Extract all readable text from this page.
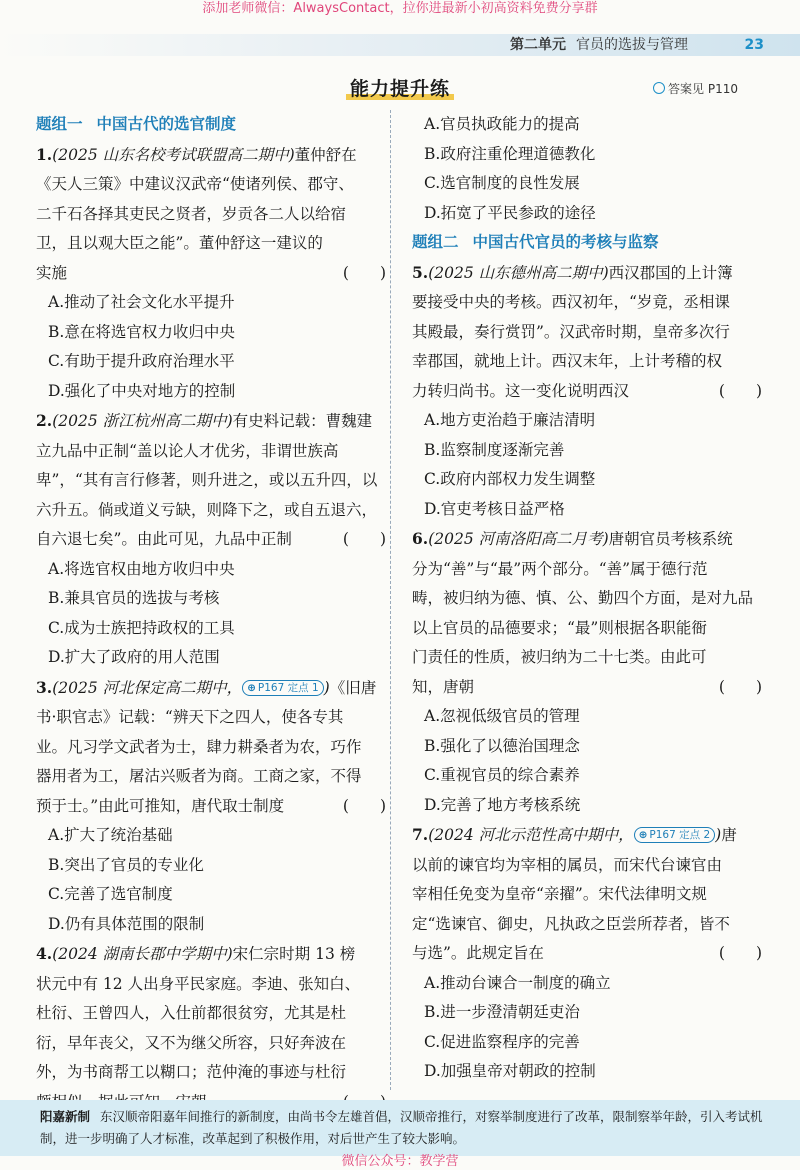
添加老师微信：AlwaysContact，拉你进最新小初高资料免费分享群
第二单元 官员的选拔与管理	23
能力提升练	答案见 P110
题组一 中国古代的选官制度
1.(2025 山东名校考试联盟高二期中)董仲舒在
《天人三策》中建议汉武帝“使诸列侯、郡守、
二千石各择其吏民之贤者，岁贡各二人以给宿
卫，且以观大臣之能”。董仲舒这一建议的
实施	(　　)
A.推动了社会文化水平提升
B.意在将选官权力收归中央
C.有助于提升政府治理水平
D.强化了中央对地方的控制
2.(2025 浙江杭州高二期中)有史料记载：曹魏建
立九品中正制“盖以论人才优劣，非谓世族高
卑”，“其有言行修著，则升进之，或以五升四，以
六升五。倘或道义亏缺，则降下之，或自五退六，
自六退七矣”。由此可见，九品中正制	(　　)
A.将选官权由地方收归中央
B.兼具官员的选拔与考核
C.成为士族把持政权的工具
D.扩大了政府的用人范围
3.(2025 河北保定高二期中， ⊕ P167 定点 1 )《旧唐
书·职官志》记载：“辨天下之四人，使各专其
业。凡习学文武者为士，肆力耕桑者为农，巧作
器用者为工，屠沽兴贩者为商。工商之家，不得
预于士。”由此可推知，唐代取士制度	(　　)
A.扩大了统治基础
B.突出了官员的专业化
C.完善了选官制度
D.仍有具体范围的限制
4.(2024 湖南长郡中学期中)宋仁宗时期 13 榜
状元中有 12 人出身平民家庭。李迪、张知白、
杜衍、王曾四人，入仕前都很贫穷，尤其是杜
衍，早年丧父，又不为继父所容，只好奔波在
外，为书商帮工以糊口；范仲淹的事迹与杜衍
A.官员执政能力的提高
B.政府注重伦理道德教化
C.选官制度的良性发展
D.拓宽了平民参政的途径
题组二 中国古代官员的考核与监察
5.(2025 山东德州高二期中)西汉郡国的上计簿
要接受中央的考核。西汉初年，“岁竟，丞相课
其殿最，奏行赏罚”。汉武帝时期，皇帝多次行
幸郡国，就地上计。西汉末年，上计考稽的权
力转归尚书。这一变化说明西汉	(　　)
A.地方吏治趋于廉洁清明
B.监察制度逐渐完善
C.政府内部权力发生调整
D.官吏考核日益严格
6.(2025 河南洛阳高二月考)唐朝官员考核系统
分为“善”与“最”两个部分。“善”属于德行范
畴，被归纳为德、慎、公、勤四个方面，是对九品
以上官员的品德要求；“最”则根据各职能衙
门责任的性质，被归纳为二十七类。由此可
知，唐朝	(　　)
A.忽视低级官员的管理
B.强化了以德治国理念
C.重视官员的综合素养
D.完善了地方考核系统
7.(2024 河北示范性高中期中， ⊕ P167 定点 2 )唐
以前的谏官均为宰相的属员，而宋代台谏官由
宰相任免变为皇帝“亲擢”。宋代法律明文规
定“选谏官、御史，凡执政之臣尝所荐者，皆不
与选”。此规定旨在	(　　)
A.推动台谏合一制度的确立
B.进一步澄清朝廷吏治
C.促进监察程序的完善
D.加强皇帝对朝政的控制
阳嘉新制 东汉顺帝阳嘉年间推行的新制度，由尚书令左雄首倡，汉顺帝推行，对察举制度进行了改革，限制察举年龄，引入考试机制，进一步明确了人才标准，改革起到了积极作用，对后世产生了较大影响。
微信公众号：教学营
